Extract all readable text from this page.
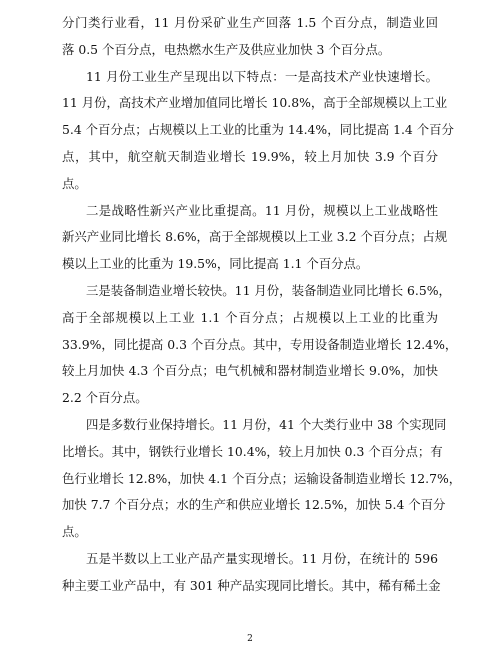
分门类行业看，11 月份采矿业生产回落 1.5 个百分点，制造业回
落 0.5 个百分点，电热燃水生产及供应业加快 3 个百分点。
11 月份工业生产呈现出以下特点：一是高技术产业快速增长。
11 月份，高技术产业增加值同比增长 10.8%，高于全部规模以上工业
5.4 个百分点；占规模以上工业的比重为 14.4%，同比提高 1.4 个百分
点，其中，航空航天制造业增长 19.9%，较上月加快 3.9 个百分
点。
二是战略性新兴产业比重提高。11 月份，规模以上工业战略性
新兴产业同比增长 8.6%，高于全部规模以上工业 3.2 个百分点；占规
模以上工业的比重为 19.5%，同比提高 1.1 个百分点。
三是装备制造业增长较快。11 月份，装备制造业同比增长 6.5%，
高于全部规模以上工业 1.1 个百分点；占规模以上工业的比重为
33.9%，同比提高 0.3 个百分点。其中，专用设备制造业增长 12.4%，
较上月加快 4.3 个百分点；电气机械和器材制造业增长 9.0%，加快
2.2 个百分点。
四是多数行业保持增长。11 月份，41 个大类行业中 38 个实现同
比增长。其中，钢铁行业增长 10.4%，较上月加快 0.3 个百分点；有
色行业增长 12.8%，加快 4.1 个百分点；运输设备制造业增长 12.7%，
加快 7.7 个百分点；水的生产和供应业增长 12.5%，加快 5.4 个百分
点。
五是半数以上工业产品产量实现增长。11 月份，在统计的 596
种主要工业产品中，有 301 种产品实现同比增长。其中，稀有稀土金
2
